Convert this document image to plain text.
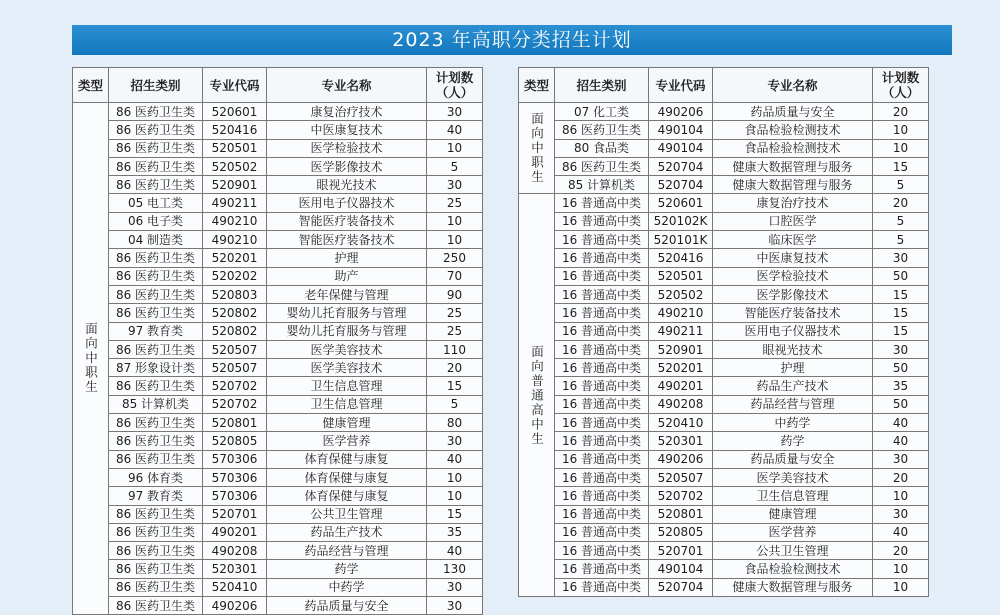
2023 年高职分类招生计划
类型	招生类别	专业代码	专业名称	计划数
（人）
面向中职生	86 医药卫生类	520601	康复治疗技术	30
	86 医药卫生类	520416	中医康复技术	40
	86 医药卫生类	520501	医学检验技术	10
	86 医药卫生类	520502	医学影像技术	5
	86 医药卫生类	520901	眼视光技术	30
	05 电工类	490211	医用电子仪器技术	25
	06 电子类	490210	智能医疗装备技术	10
	04 制造类	490210	智能医疗装备技术	10
	86 医药卫生类	520201	护理	250
	86 医药卫生类	520202	助产	70
	86 医药卫生类	520803	老年保健与管理	90
	86 医药卫生类	520802	婴幼儿托育服务与管理	25
	97 教育类	520802	婴幼儿托育服务与管理	25
	86 医药卫生类	520507	医学美容技术	110
	87 形象设计类	520507	医学美容技术	20
	86 医药卫生类	520702	卫生信息管理	15
	85 计算机类	520702	卫生信息管理	5
	86 医药卫生类	520801	健康管理	80
	86 医药卫生类	520805	医学营养	30
	86 医药卫生类	570306	体育保健与康复	40
	96 体育类	570306	体育保健与康复	10
	97 教育类	570306	体育保健与康复	10
	86 医药卫生类	520701	公共卫生管理	15
	86 医药卫生类	490201	药品生产技术	35
	86 医药卫生类	490208	药品经营与管理	40
	86 医药卫生类	520301	药学	130
	86 医药卫生类	520410	中药学	30
	86 医药卫生类	490206	药品质量与安全	30
类型	招生类别	专业代码	专业名称	计划数
（人）
面向中职生	07 化工类	490206	药品质量与安全	20
	86 医药卫生类	490104	食品检验检测技术	10
	80 食品类	490104	食品检验检测技术	10
	86 医药卫生类	520704	健康大数据管理与服务	15
	85 计算机类	520704	健康大数据管理与服务	5
面向普通高中生	16 普通高中类	520601	康复治疗技术	20
	16 普通高中类	520102K	口腔医学	5
	16 普通高中类	520101K	临床医学	5
	16 普通高中类	520416	中医康复技术	30
	16 普通高中类	520501	医学检验技术	50
	16 普通高中类	520502	医学影像技术	15
	16 普通高中类	490210	智能医疗装备技术	15
	16 普通高中类	490211	医用电子仪器技术	15
	16 普通高中类	520901	眼视光技术	30
	16 普通高中类	520201	护理	50
	16 普通高中类	490201	药品生产技术	35
	16 普通高中类	490208	药品经营与管理	50
	16 普通高中类	520410	中药学	40
	16 普通高中类	520301	药学	40
	16 普通高中类	490206	药品质量与安全	30
	16 普通高中类	520507	医学美容技术	20
	16 普通高中类	520702	卫生信息管理	10
	16 普通高中类	520801	健康管理	30
	16 普通高中类	520805	医学营养	40
	16 普通高中类	520701	公共卫生管理	20
	16 普通高中类	490104	食品检验检测技术	10
	16 普通高中类	520704	健康大数据管理与服务	10
